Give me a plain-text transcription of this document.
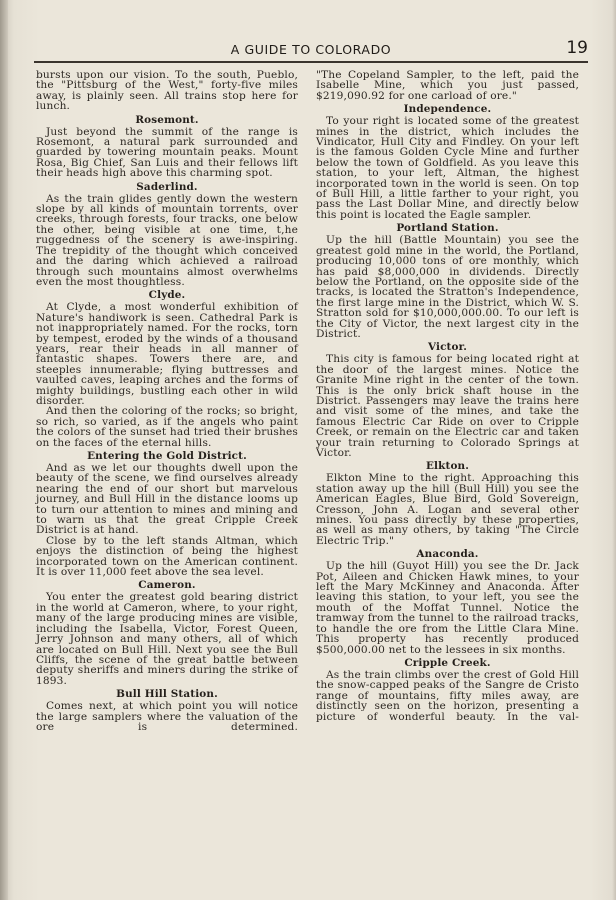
A GUIDE TO COLORADO	19

bursts upon our vision. To the south, Pueblo, the "Pittsburg of the West," forty-five miles away, is plainly seen. All trains stop here for lunch.

Rosemont.

Just beyond the summit of the range is Rosemont, a natural park surrounded and guarded by towering mountain peaks. Mount Rosa, Big Chief, San Luis and their fellows lift their heads high above this charming spot.

Saderlind.

As the train glides gently down the western slope by all kinds of mountain torrents, over creeks, through forests, four tracks, one below the other, being visible at one time, t,he ruggedness of the scenery is awe-inspiring. The trepidity of the thought which conceived and the daring which achieved a railroad through such mountains almost overwhelms even the most thoughtless.

Clyde.

At Clyde, a most wonderful exhibition of Nature's handiwork is seen. Cathedral Park is not inappropriately named. For the rocks, torn by tempest, eroded by the winds of a thousand years, rear their heads in all manner of fantastic shapes. Towers there are, and steeples innumerable; flying buttresses and vaulted caves, leaping arches and the forms of mighty buildings, bustling each other in wild disorder.

And then the coloring of the rocks; so bright, so rich, so varied, as if the angels who paint the colors of the sunset had tried their brushes on the faces of the eternal hills.

Entering the Gold District.

And as we let our thoughts dwell upon the beauty of the scene, we find ourselves already nearing the end of our short but marvelous journey, and Bull Hill in the distance looms up to turn our attention to mines and mining and to warn us that the great Cripple Creek District is at hand.

Close by to the left stands Altman, which enjoys the distinction of being the highest incorporated town on the American continent. It is over 11,000 feet above the sea level.

Cameron.

You enter the greatest gold bearing district in the world at Cameron, where, to your right, many of the large producing mines are visible, including the Isabella, Victor, Forest Queen, Jerry Johnson and many others, all of which are located on Bull Hill. Next you see the Bull Cliffs, the scene of the great battle between deputy sheriffs and miners during the strike of 1893.

Bull Hill Station.

Comes next, at which point you will notice the large samplers where the valuation of the ore is determined.

"The Copeland Sampler, to the left, paid the Isabelle Mine, which you just passed, $219,090.92 for one carload of ore."

Independence.

To your right is located some of the greatest mines in the district, which includes the Vindicator, Hull City and Findley. On your left is the famous Golden Cycle Mine and further below the town of Goldfield. As you leave this station, to your left, Altman, the highest incorporated town in the world is seen. On top of Bull Hill, a little farther to your right, you pass the Last Dollar Mine, and directly below this point is located the Eagle sampler.

Portland Station.

Up the hill (Battle Mountain) you see the greatest gold mine in the world, the Portland, producing 10,000 tons of ore monthly, which has paid $8,000,000 in dividends. Directly below the Portland, on the opposite side of the tracks, is located the Stratton's Independence, the first large mine in the District, which W. S. Stratton sold for $10,000,000.00. To our left is the City of Victor, the next largest city in the District.

Victor.

This city is famous for being located right at the door of the largest mines. Notice the Granite Mine right in the center of the town. This is the only brick shaft house in the District. Passengers may leave the trains here and visit some of the mines, and take the famous Electric Car Ride on over to Cripple Creek, or remain on the Electric car and taken your train returning to Colorado Springs at Victor.

Elkton.

Elkton Mine to the right. Approaching this station away up the hill (Bull Hill) you see the American Eagles, Blue Bird, Gold Sovereign, Cresson, John A. Logan and several other mines. You pass directly by these properties, as well as many others, by taking "The Circle Electric Trip."

Anaconda.

Up the hill (Guyot Hill) you see the Dr. Jack Pot, Aileen and Chicken Hawk mines, to your left the Mary McKinney and Anaconda. After leaving this station, to your left, you see the mouth of the Moffat Tunnel. Notice the tramway from the tunnel to the railroad tracks, to handle the ore from the Little Clara Mine. This property has recently produced $500,000.00 net to the lessees in six months.

Cripple Creek.

As the train climbs over the crest of Gold Hill the snow-capped peaks of the Sangre de Cristo range of mountains, fifty miles away, are distinctly seen on the horizon, presenting a picture of wonderful beauty. In the val-
